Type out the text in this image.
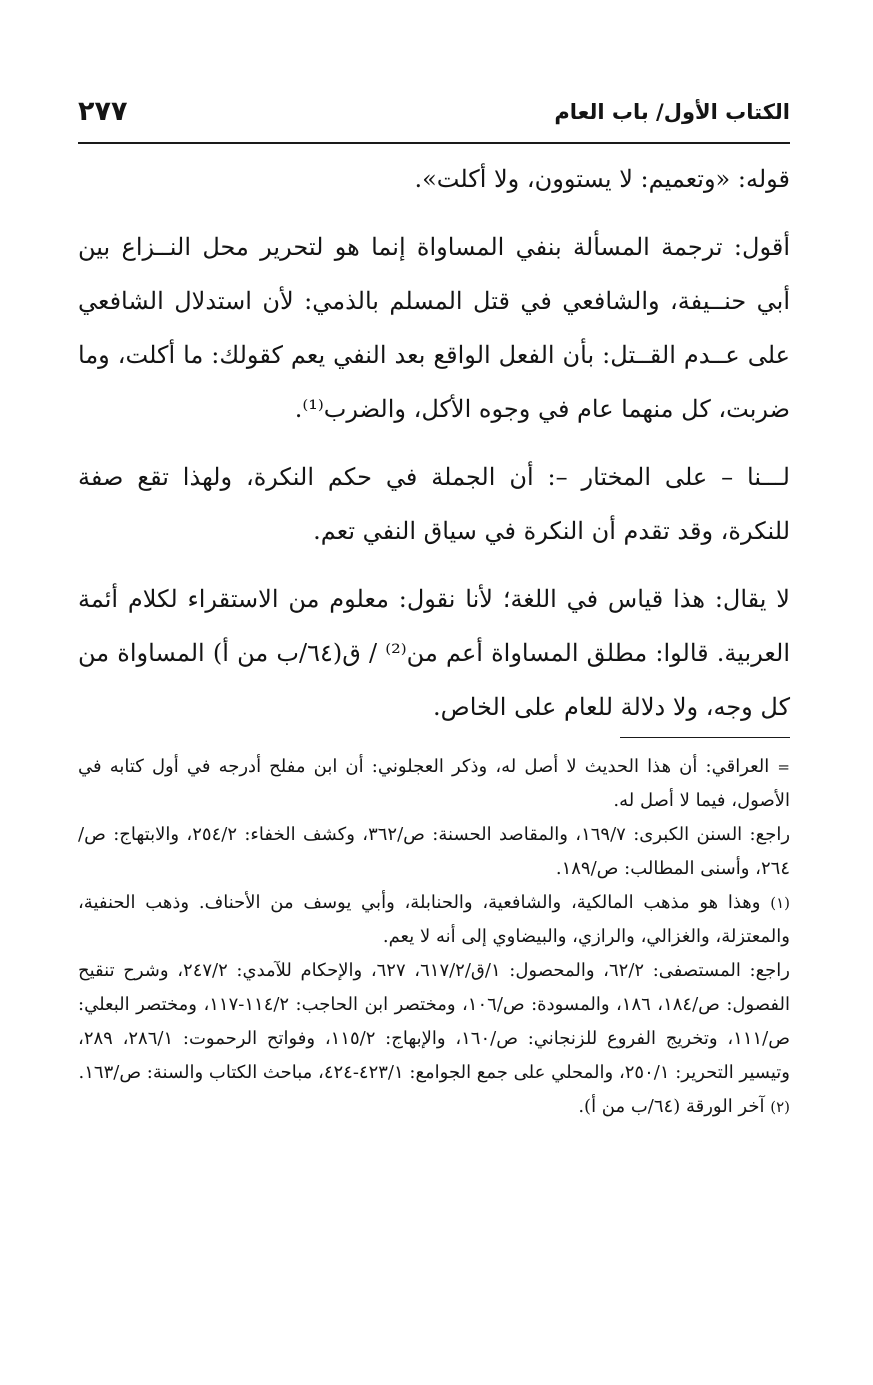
الكتاب الأول/ باب العام
٢٧٧

قوله: «وتعميم: لا يستوون، ولا أكلت».

أقول: ترجمة المسألة بنفي المساواة إنما هو لتحرير محل النــزاع بين أبي حنــيفة، والشافعي في قتل المسلم بالذمي: لأن استدلال الشافعي على عــدم القــتل: بأن الفعل الواقع بعد النفي يعم كقولك: ما أكلت، وما ضربت، كل منهما عام في وجوه الأكل، والضرب⁽¹⁾.

لـــنا – على المختار –: أن الجملة في حكم النكرة، ولهذا تقع صفة للنكرة، وقد تقدم أن النكرة في سياق النفي تعم.

لا يقال: هذا قياس في اللغة؛ لأنا نقول: معلوم من الاستقراء لكلام أئمة العربية. قالوا: مطلق المساواة أعم من⁽²⁾ / ق(٦٤/ب من أ) المساواة من كل وجه، ولا دلالة للعام على الخاص.

= العراقي: أن هذا الحديث لا أصل له، وذكر العجلوني: أن ابن مفلح أدرجه في أول كتابه في الأصول، فيما لا أصل له.

راجع: السنن الكبرى: ١٦٩/٧، والمقاصد الحسنة: ص/٣٦٢، وكشف الخفاء: ٢٥٤/٢، والابتهاج: ص/٢٦٤، وأسنى المطالب: ص/١٨٩.

(١) وهذا هو مذهب المالكية، والشافعية، والحنابلة، وأبي يوسف من الأحناف. وذهب الحنفية، والمعتزلة، والغزالي، والرازي، والبيضاوي إلى أنه لا يعم.

راجع: المستصفى: ٦٢/٢، والمحصول: ١/ق/٦١٧/٢، ٦٢٧، والإحكام للآمدي: ٢٤٧/٢، وشرح تنقيح الفصول: ص/١٨٤، ١٨٦، والمسودة: ص/١٠٦، ومختصر ابن الحاجب: ١١٤/٢-١١٧، ومختصر البعلي: ص/١١١، وتخريج الفروع للزنجاني: ص/١٦٠، والإبهاج: ١١٥/٢، وفواتح الرحموت: ٢٨٦/١، ٢٨٩، وتيسير التحرير: ٢٥٠/١، والمحلي على جمع الجوامع: ٤٢٣/١-٤٢٤، مباحث الكتاب والسنة: ص/١٦٣.

(٢) آخر الورقة (٦٤/ب من أ).
